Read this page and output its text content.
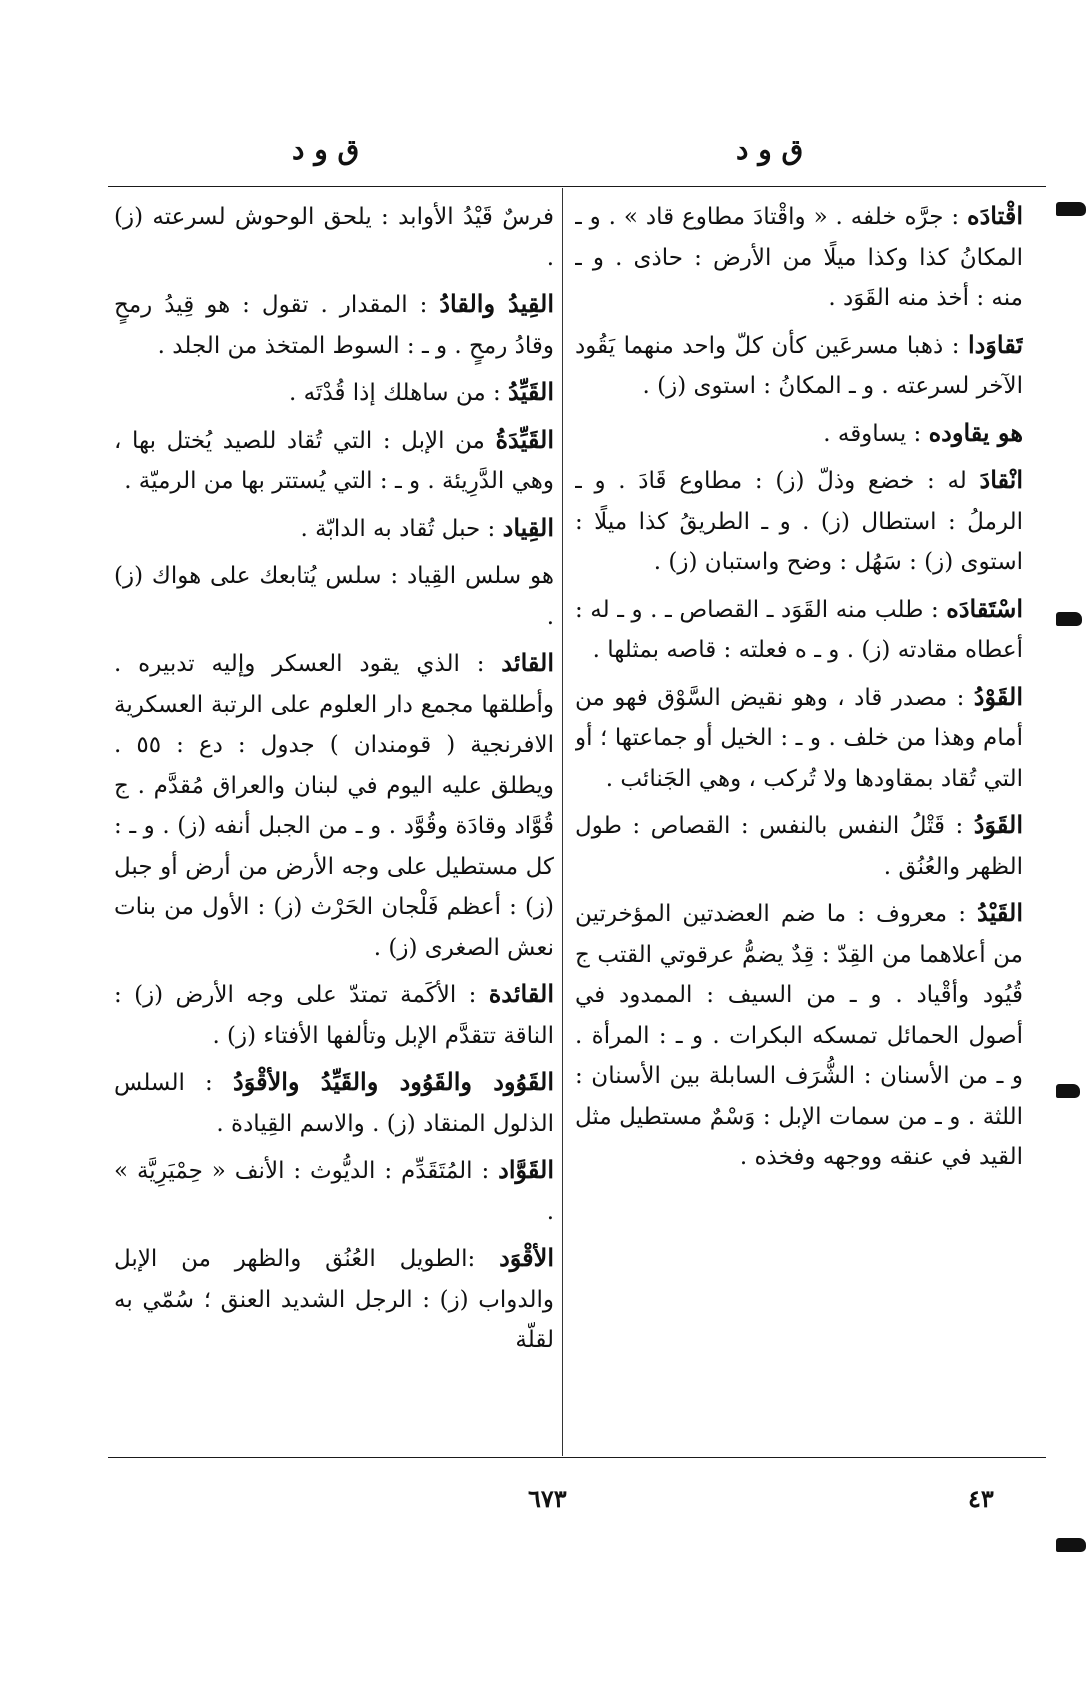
ق و د
ق و د

اقْتادَه : جرَّه خلفه . « واقْتادَ مطاوع قاد » . و ـ المكانُ كذا وكذا ميلًا من الأرض : حاذى . و ـ منه : أخذ منه القَوَد .

تَقاوَدا : ذهبا مسرعَين كأن كلّ واحد منهما يَقُود الآخر لسرعته . و ـ المكانُ : استوى (ز) .

هو يقاوده : يساوقه .

انْقادَ له : خضع وذلّ (ز) : مطاوع قَادَ . و ـ الرملُ : استطال (ز) . و ـ الطريقُ كذا ميلًا : استوى (ز) : سَهُل : وضح واستبان (ز) .

اسْتَقادَه : طلب منه القَوَد ـ القصاص ـ . و ـ له : أعطاه مقادته (ز) . و ـ ه فعلته : قاصه بمثلها .

القَوْدُ : مصدر قاد ، وهو نقيض السَّوْق فهو من أمام وهذا من خلف . و ـ : الخيل أو جماعتها ؛ أو التي تُقاد بمقاودها ولا تُركب ، وهي الجَنائب .

القَوَدُ : قَتْلُ النفس بالنفس : القصاص : طول الظهر والعُنُق .

القَيْدُ : معروف : ما ضم العضدتين المؤخرتين من أعلاهما من القِدّ : قِدٌ يضمُّ عرقوتي القتب ج قُيُود وأقْياد . و ـ من السيف : الممدود في أصول الحمائل تمسكه البكرات . و ـ : المرأة . و ـ من الأسنان : الشُّرَف السابلة بين الأسنان : اللثة . و ـ من سمات الإبل : وَسْمٌ مستطيل مثل القيد في عنقه ووجهه وفخذه .

فرسٌ قَيْدُ الأوابد : يلحق الوحوش لسرعته (ز) .

القِيدُ والقادُ : المقدار . تقول : هو قِيدُ رمحٍ وقادُ رمحٍ . و ـ : السوط المتخذ من الجلد .

القَيِّدُ : من ساهلك إذا قُدْتَه .

القَيِّدَةُ من الإبل : التي تُقاد للصيد يُختل بها ، وهي الدَّرِيئة . و ـ : التي يُستتر بها من الرميّة .

القِياد : حبل تُقاد به الدابّة .

هو سلس القِياد : سلس يُتابعك على هواك (ز) .

القائد : الذي يقود العسكر وإليه تدبيره . وأطلقها مجمع دار العلوم على الرتبة العسكرية الافرنجية ( قومندان ) جدول : دع : ٥٥ . ويطلق عليه اليوم في لبنان والعراق مُقدَّم . ج قُوَّاد وقادَة وقُوَّد . و ـ من الجبل أنفه (ز) . و ـ : كل مستطيل على وجه الأرض من أرض أو جبل (ز) : أعظم فَلْجان الحَرْث (ز) : الأول من بنات نعش الصغرى (ز) .

القائدة : الأكَمة تمتدّ على وجه الأرض (ز) : الناقة تتقدَّم الإبل وتألفها الأفتاء (ز) .

القَوُود والقَوُود والقَيِّدُ والأقْوَدُ : السلس الذلول المنقاد (ز) . والاسم القِيادة .

القَوَّاد : المُتَقَدِّم : الديُّوث : الأنف « حِمْيَرِيَّة » .

الأقْوَد :الطويل العُنُق والظهر من الإبل والدواب (ز) : الرجل الشديد العنق ؛ سُمّي به لقلّة

٤٣
٦٧٣
